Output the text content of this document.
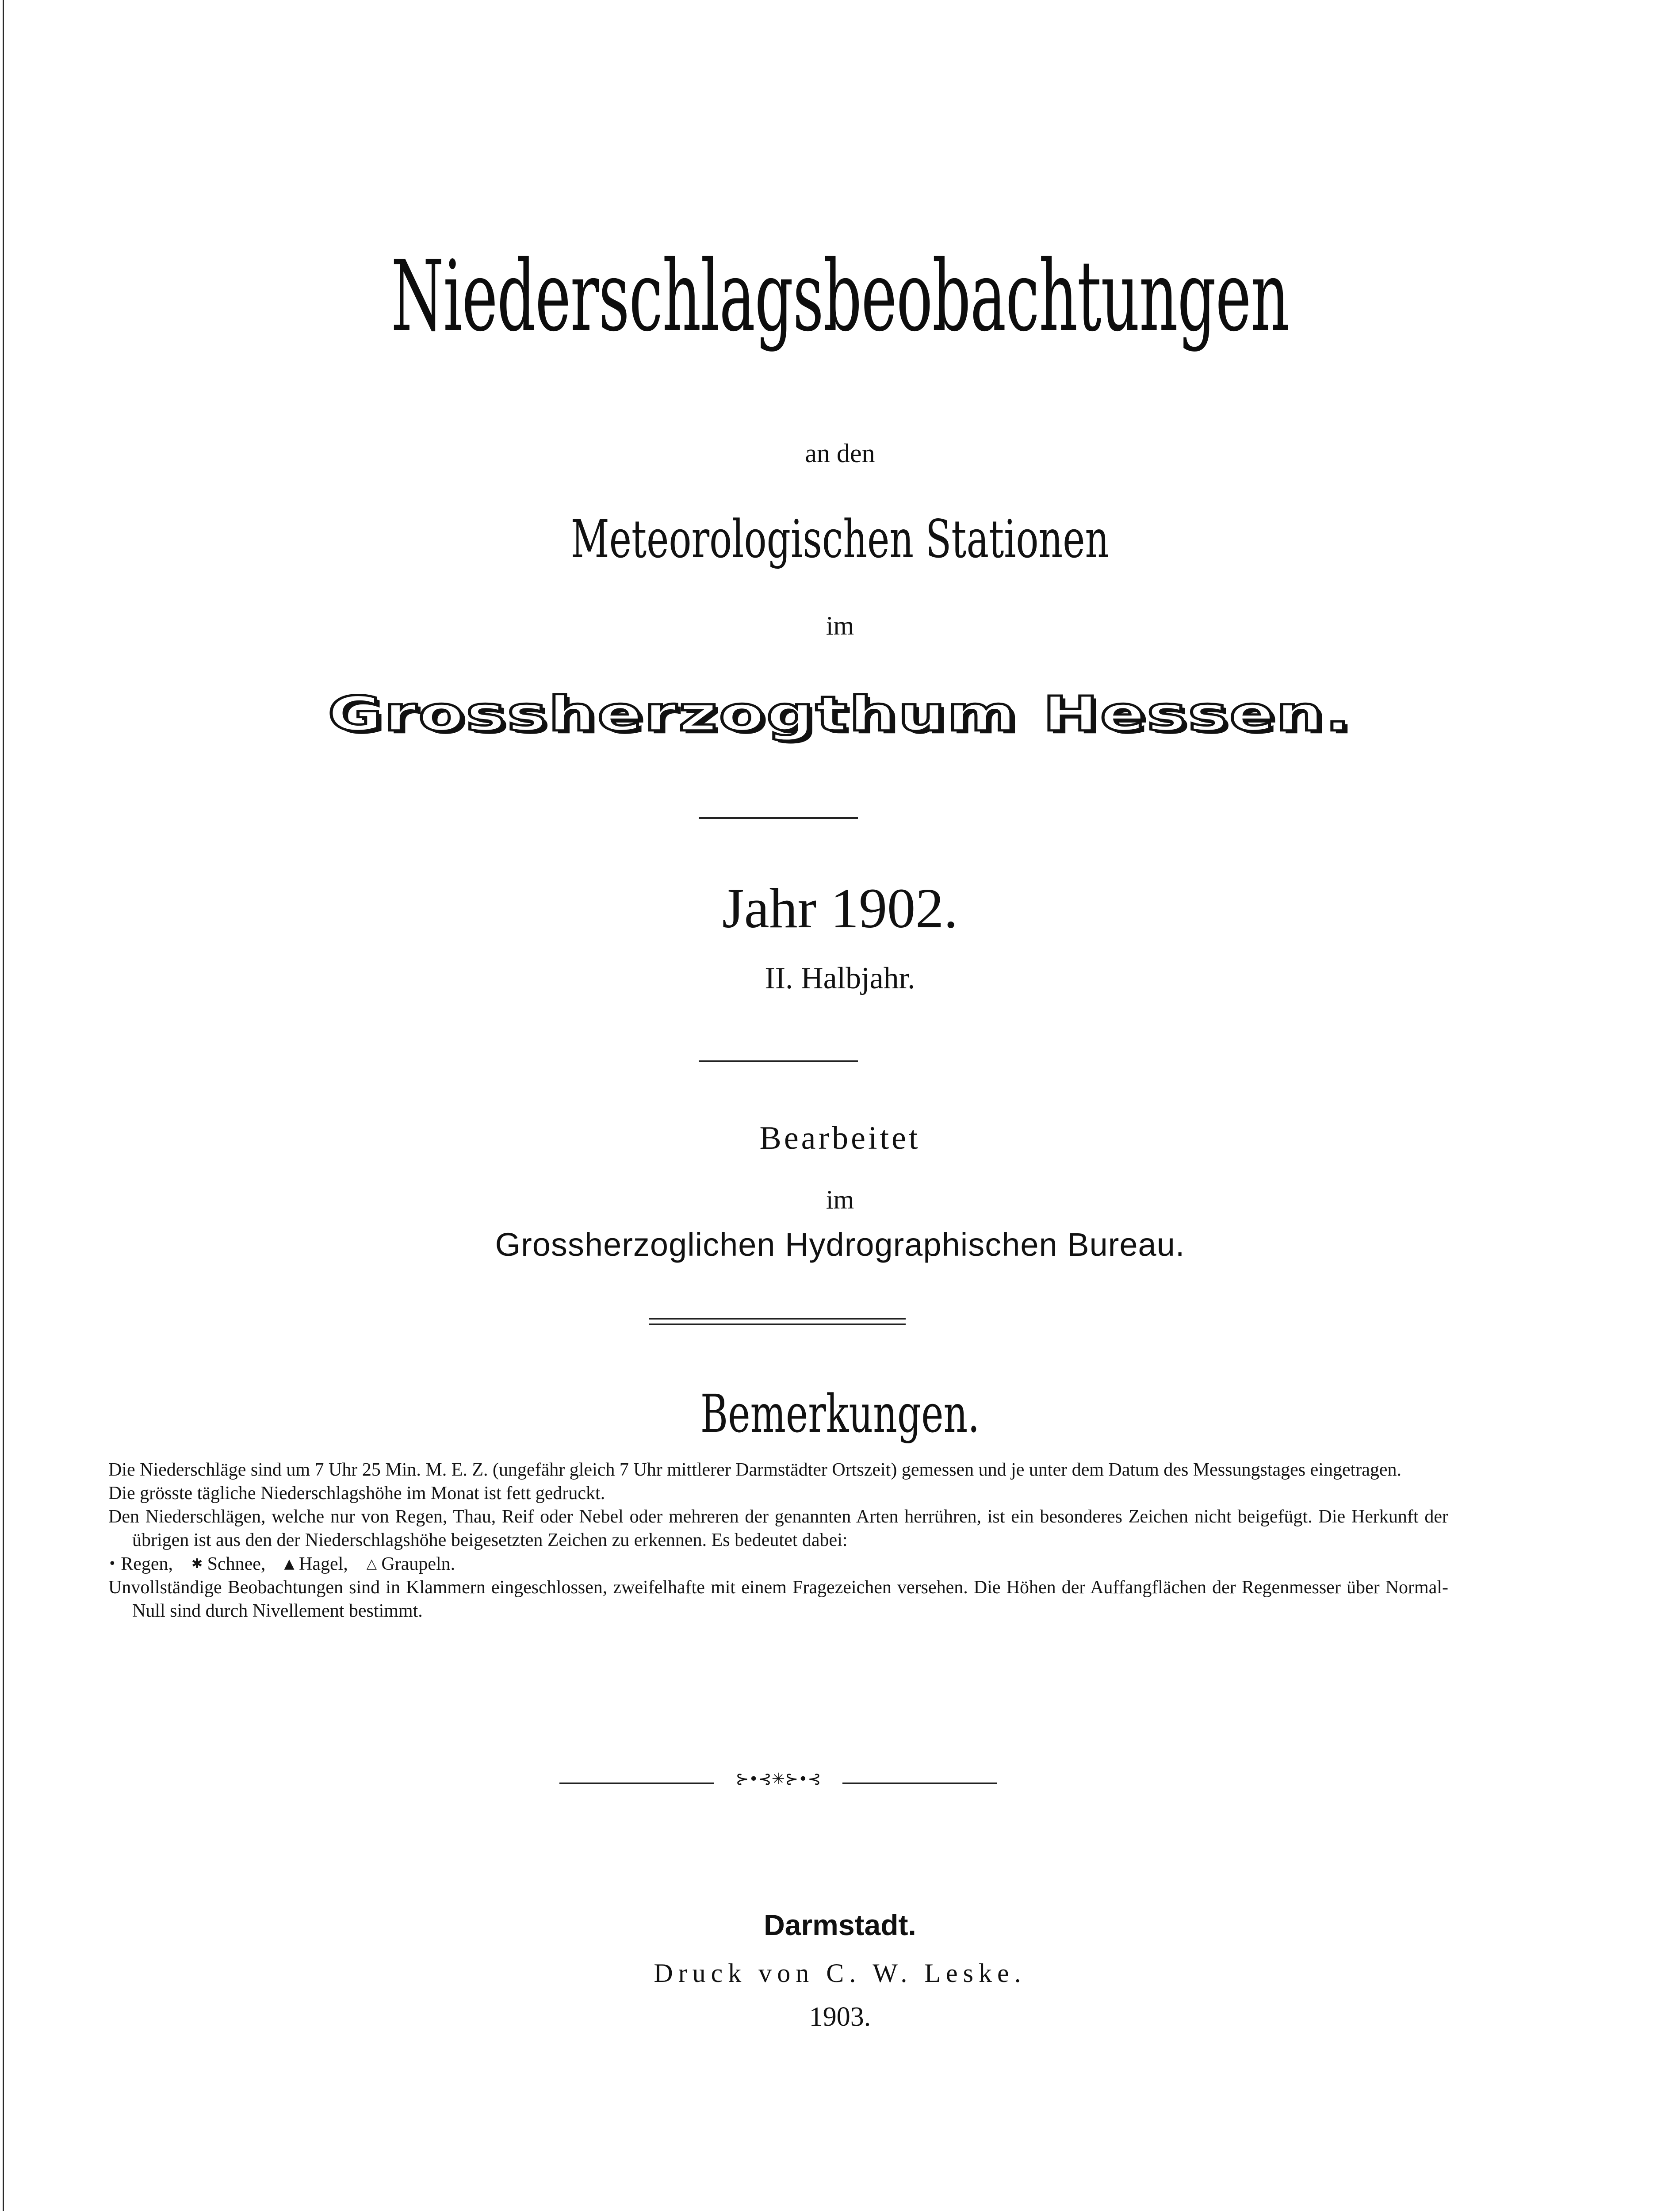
Niederschlagsbeobachtungen
an den
Meteorologischen Stationen
im
Grossherzogthum Hessen.
Jahr 1902.
II. Halbjahr.
Bearbeitet
im
Grossherzoglichen Hydrographischen Bureau.
Bemerkungen.

Die Niederschläge sind um 7 Uhr 25 Min. M. E. Z. (ungefähr gleich 7 Uhr mittlerer Darmstädter Ortszeit) gemessen und je unter dem Datum des Messungstages eingetragen.

Die grösste tägliche Niederschlagshöhe im Monat ist fett gedruckt.

Den Niederschlägen, welche nur von Regen, Thau, Reif oder Nebel oder mehreren der genannten Arten herrühren, ist ein besonderes Zeichen nicht beigefügt. Die Herkunft der übrigen ist aus den der Niederschlagshöhe beigesetzten Zeichen zu erkennen. Es bedeutet dabei:

• Regen, ✱ Schnee, ▲ Hagel, △ Graupeln.

Unvollständige Beobachtungen sind in Klammern eingeschlossen, zweifelhafte mit einem Fragezeichen versehen. Die Höhen der Auffangflächen der Regenmesser über Normal-Null sind durch Nivellement bestimmt.

⊱•⊰✳⊱•⊰
Darmstadt.
Druck von C. W. Leske.
1903.
